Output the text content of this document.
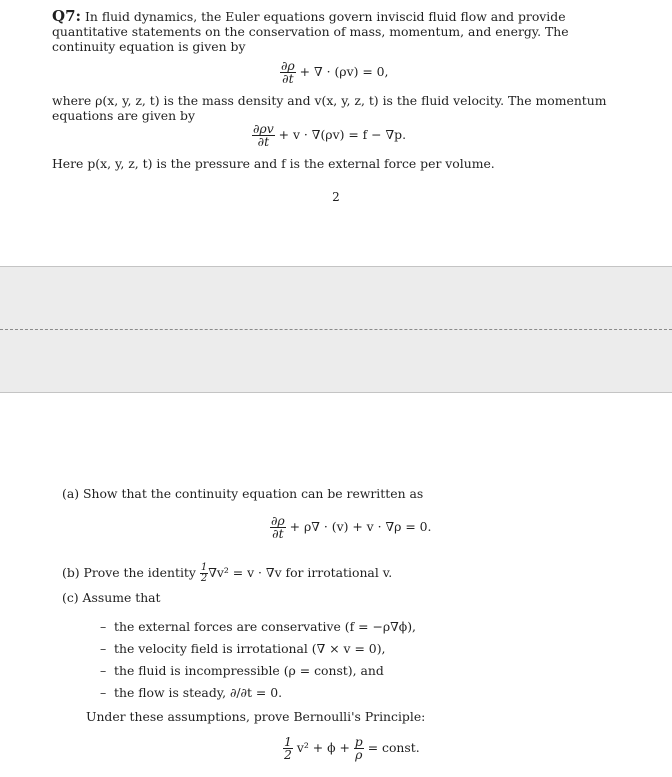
Q7: In fluid dynamics, the Euler equations govern inviscid fluid flow and provide quantitative statements on the conservation of mass, momentum, and energy. The continuity equation is given by
$\frac{\partial\rho}{\partial t}$ + ∇ · (ρv) = 0,
where ρ(x, y, z, t) is the mass density and v(x, y, z, t) is the fluid velocity. The momentum equations are given by
$\frac{\partial\rho v}{\partial t} + v \cdot \nabla(\rho v) = f - \nabla p$.
Here p(x, y, z, t) is the pressure and f is the external force per volume.
2
(a) Show that the continuity equation can be rewritten as
$\frac{\partial\rho}{\partial t} + \rho\nabla \cdot (v) + v \cdot \nabla\rho = 0$.
(b) Prove the identity $\frac{1}{2} \nabla v^2 = v \cdot \nabla v$ for irrotational v.
(c) Assume that
– the external forces are conservative (f = −ρ∇ϕ),
– the velocity field is irrotational (∇ × v = 0),
– the fluid is incompressible (ρ = const), and
– the flow is steady, ∂/∂t = 0.
Under these assumptions, prove Bernoulli's Principle:
$\frac{1}{2} v^2 + \phi + \frac{p}{\rho}$ = const.
